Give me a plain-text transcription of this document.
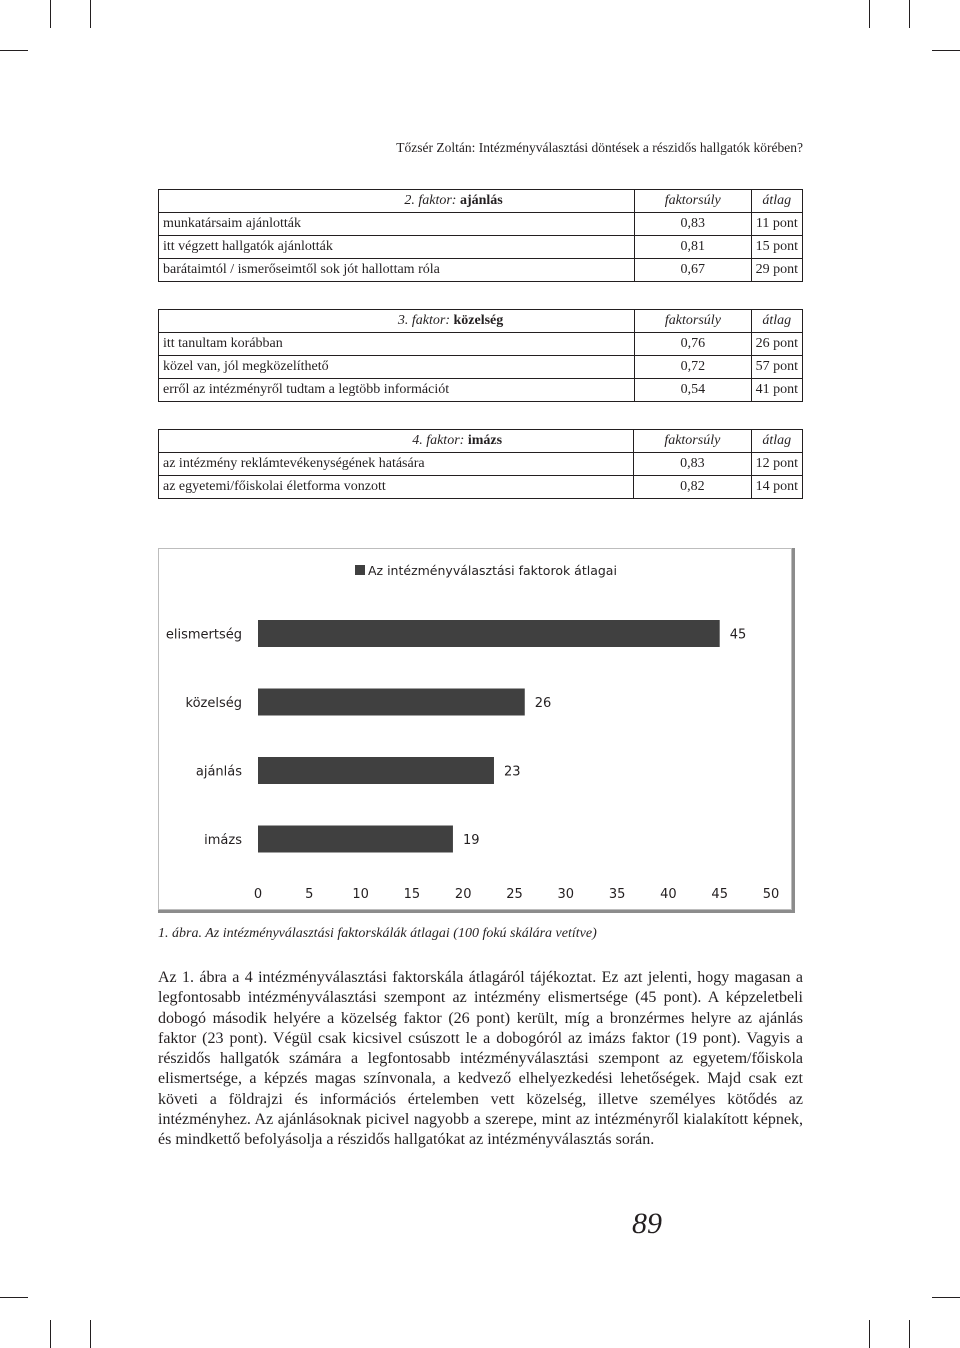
Tőzsér Zoltán: Intézményválasztási döntések a részidős hallgatók körében?
2. faktor: ajánlás	faktorsúly	átlag
munkatársaim ajánlották	0,83	11 pont
itt végzett hallgatók ajánlották	0,81	15 pont
barátaimtól / ismerőseimtől sok jót hallottam róla	0,67	29 pont
3. faktor: közelség	faktorsúly	átlag
itt tanultam korábban	0,76	26 pont
közel van, jól megközelíthető	0,72	57 pont
erről az intézményről tudtam a legtöbb információt	0,54	41 pont
4. faktor: imázs	faktorsúly	átlag
az intézmény reklámtevékenységének hatására	0,83	12 pont
az egyetemi/főiskolai életforma vonzott	0,82	14 pont
Az intézményválasztási faktorok átlagai
elismertség	45
közelség	26
ajánlás	23
imázs	19
0	5	10	15	20	25	30	35	40	45	50
1. ábra. Az intézményválasztási faktorskálák átlagai (100 fokú skálára vetítve)

Az 1. ábra a 4 intézményválasztási faktorskála átlagáról tájékoztat. Ez azt jelenti, hogy magasan a legfontosabb intézményválasztási szempont az intézmény elismertsége (45 pont). A képzeletbeli dobogó második helyére a közelség faktor (26 pont) került, míg a bronzérmes helyre az ajánlás faktor (23 pont). Végül csak kicsivel csúszott le a dobogóról az imázs faktor (19 pont). Vagyis a részidős hallgatók számára a legfontosabb intézményválasztási szempont az egyetem/főiskola elismertsége, a képzés magas színvonala, a kedvező elhelyezkedési lehetőségek. Majd csak ezt követi a földrajzi és információs értelemben vett közelség, illetve személyes kötődés az intézményhez. Az ajánlásoknak picivel nagyobb a szerepe, mint az intézményről kialakított képnek, és mindkettő befolyásolja a részidős hallgatókat az intézményválasztás során.

89
